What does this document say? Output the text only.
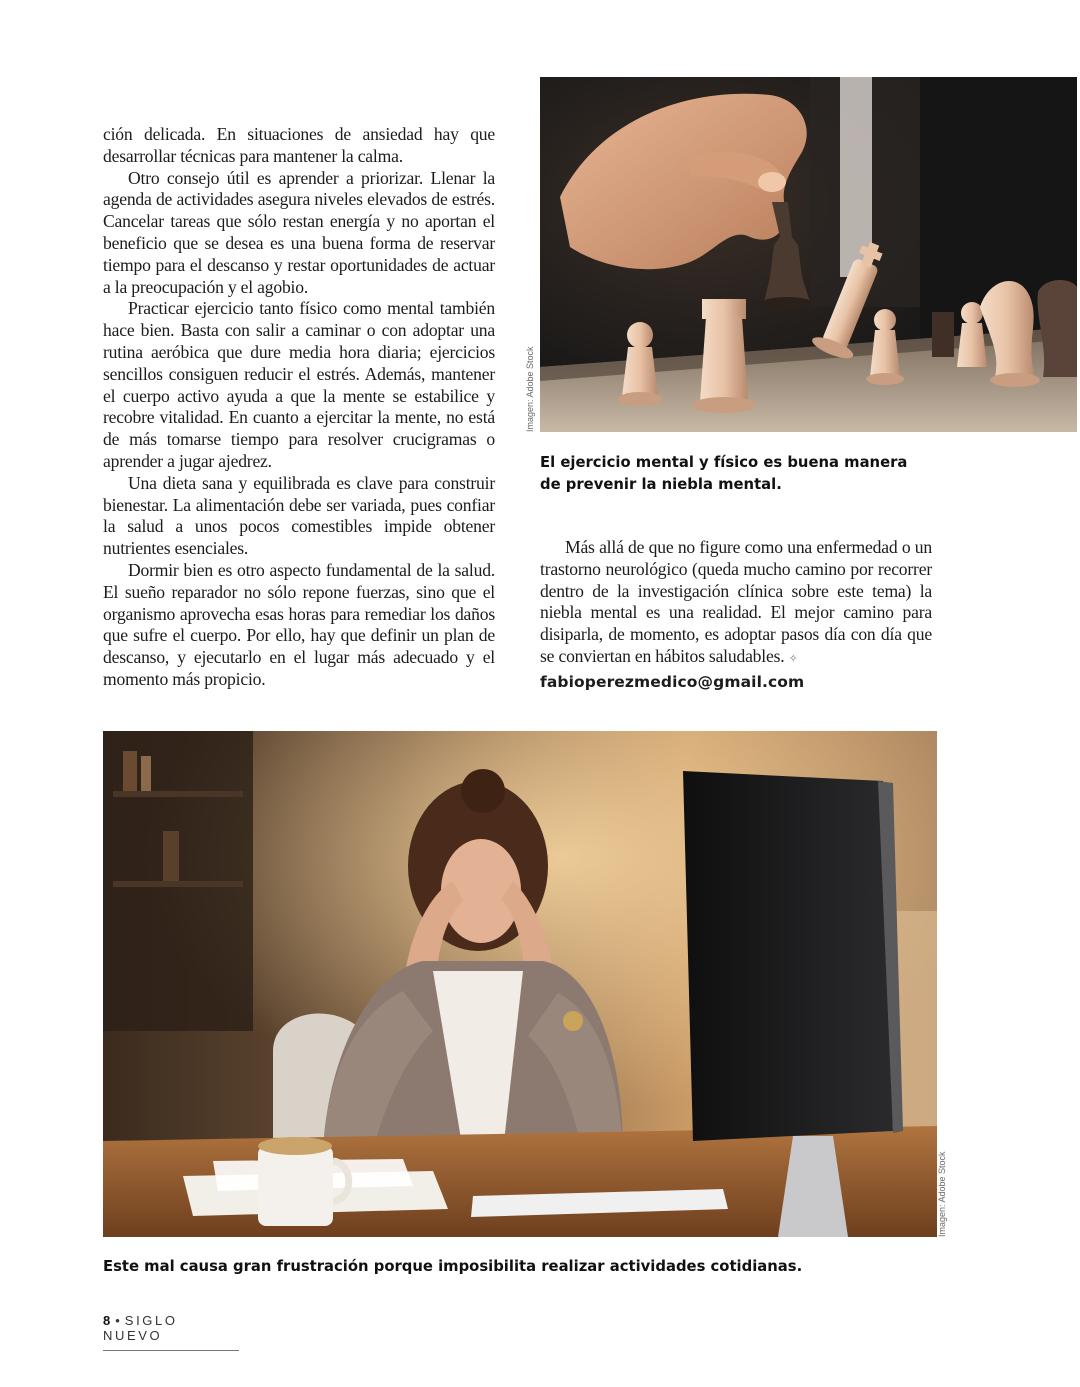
ción delicada. En situaciones de ansiedad hay que desarrollar técnicas para mantener la calma.

Otro consejo útil es aprender a priorizar. Llenar la agenda de actividades asegura niveles elevados de estrés. Cancelar tareas que sólo restan energía y no aportan el beneficio que se desea es una buena forma de reservar tiempo para el descanso y restar oportunidades de actuar a la preocupación y el agobio.

Practicar ejercicio tanto físico como mental también hace bien. Basta con salir a caminar o con adoptar una rutina aeróbica que dure media hora diaria; ejercicios sencillos consiguen reducir el estrés. Además, mantener el cuerpo activo ayuda a que la mente se estabilice y recobre vitalidad. En cuanto a ejercitar la mente, no está de más tomarse tiempo para resolver crucigramas o aprender a jugar ajedrez.

Una dieta sana y equilibrada es clave para construir bienestar. La alimentación debe ser variada, pues confiar la salud a unos pocos comestibles impide obtener nutrientes esenciales.

Dormir bien es otro aspecto fundamental de la salud. El sueño reparador no sólo repone fuerzas, sino que el organismo aprovecha esas horas para remediar los daños que sufre el cuerpo. Por ello, hay que definir un plan de descanso, y ejecutarlo en el lugar más adecuado y el momento más propicio.

Imagen: Adobe Stock
El ejercicio mental y físico es buena manera de prevenir la niebla mental.

Más allá de que no figure como una enfermedad o un trastorno neurológico (queda mucho camino por recorrer dentro de la investigación clínica sobre este tema) la niebla mental es una realidad. El mejor camino para disiparla, de momento, es adoptar pasos día con día que se conviertan en hábitos saludables. ✧

fabioperezmedico@gmail.com
Imagen: Adobe Stock
Este mal causa gran frustración porque imposibilita realizar actividades cotidianas.
8 • SIGLO NUEVO
